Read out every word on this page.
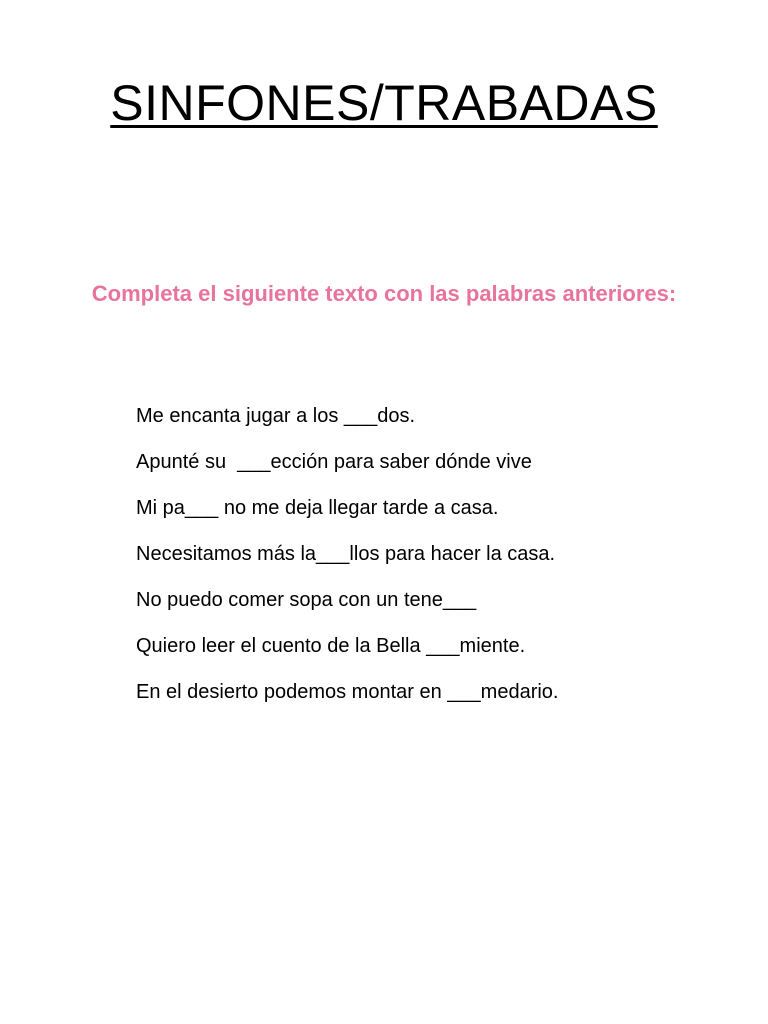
SINFONES/TRABADAS

Completa el siguiente texto con las palabras anteriores:

Me encanta jugar a los ___dos.
Apunté su  ___ección para saber dónde vive
Mi pa___ no me deja llegar tarde a casa.
Necesitamos más la___llos para hacer la casa.
No puedo comer sopa con un tene___
Quiero leer el cuento de la Bella ___miente.
En el desierto podemos montar en ___medario.
